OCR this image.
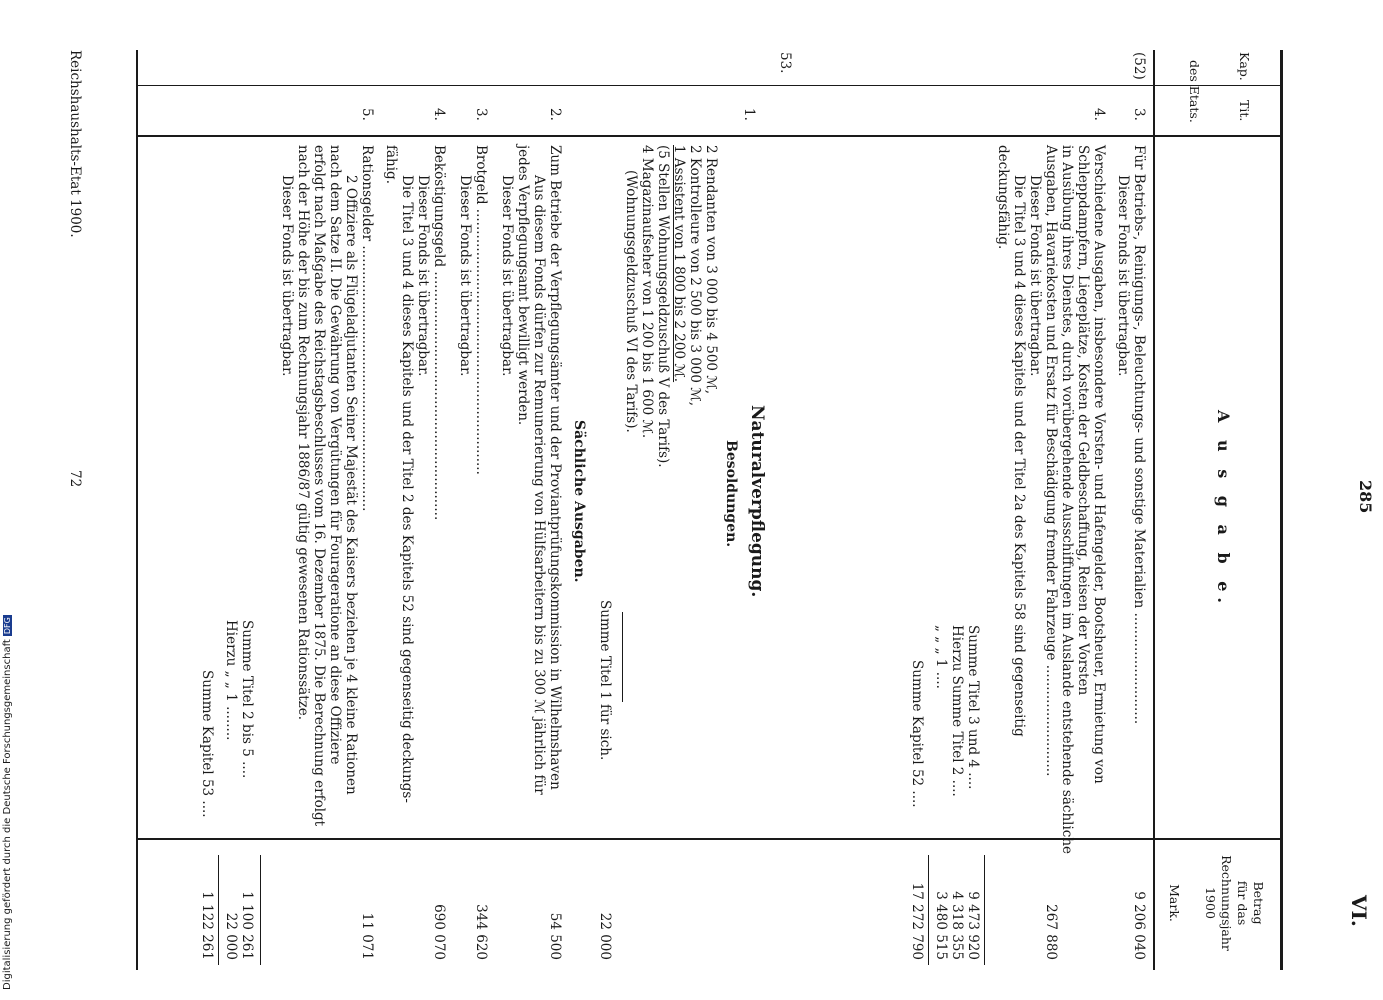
Digitalisierung gefördert durch die Deutsche ForschungsgemeinschaftDFG
285
VI.
Kap.
Tit.
des Etats.
A u s g a b e.
Betrag
für das
Rechnungsjahr
1900
Mark.
(52)
3.
Für Betriebs-, Reinigungs-, Beleuchtungs- und sonstige Materialien ..........................
Dieser Fonds ist übertragbar.
9 206 040
4.
Verschiedene Ausgaben, insbesondere Vorsten- und Hafengelder, Bootsheuer, Ermietung von
Schleppdampfern, Liegeplätze, Kosten der Geldbeschaffung, Reisen der Vorsten
in Ausübung ihres Dienstes, durch vorübergehende Ausschiffungen im Auslande entstehende sächliche
Ausgaben, Havariekosten und Ersatz für Beschädigung fremder Fahrzeuge ..........................
Dieser Fonds ist übertragbar.
Die Titel 3 und 4 dieses Kapitels und der Titel 2a des Kapitels 58 sind gegenseitig
deckungsfähig.
267 880
Summe Titel 3 und 4 ....
9 473 920
Hierzu Summe Titel 2 ....
4 318 355
„ „ „ 1 ....
3 480 515
Summe Kapitel 52 ....
17 272 790
53.
Naturalverpflegung.
Besoldungen.
1.
2 Rendanten von 3 000 bis 4 500 ℳ,
2 Kontrolleure von 2 500 bis 3 000 ℳ,
1 Assistent von 1 800 bis 2 200 ℳ.
(5 Stellen Wohnungsgeldzuschuß V des Tarifs).
4 Magazinaufseher von 1 200 bis 1 600 ℳ.
(Wohnungsgeldzuschuß VI des Tarifs).
Summe Titel 1 für sich.
22 000
Sächliche Ausgaben.
2.
Zum Betriebe der Verpflegungsämter und der Proviantprüfungskommission in Wilhelmshaven
Aus diesem Fonds dürfen zur Remunerierung von Hülfsarbeitern bis zu 300 ℳ jährlich für
jedes Verpflegungsamt bewilligt werden.
Dieser Fonds ist übertragbar.
54 500
3.
Brotgeld ..............................................................
Dieser Fonds ist übertragbar.
344 620
4.
Beköstigungsgeld ..........................................................
Dieser Fonds ist übertragbar.
Die Titel 3 und 4 dieses Kapitels und der Titel 2 des Kapitels 52 sind gegenseitig deckungs-
fähig.
690 070
5.
Rationsgelder ..............................................................
2 Offiziere als Flügeladjutanten Seiner Majestät des Kaisers beziehen je 4 kleine Rationen
nach dem Satze II. Die Gewährung von Vergütungen für Fourageratione an diese Offiziere
erfolgt nach Maßgabe des Reichstagsbeschlusses vom 16. Dezember 1875. Die Berechnung erfolgt
nach der Höhe der bis zum Rechnungsjahr 1886/87 gültig gewesenen Rationssätze.
Dieser Fonds ist übertragbar.
11 071
Summe Titel 2 bis 5 ....
1 100 261
Hierzu „ „ 1 ........
22 000
Summe Kapitel 53 ....
1 122 261
Reichshaushalts-Etat 1900.
72
